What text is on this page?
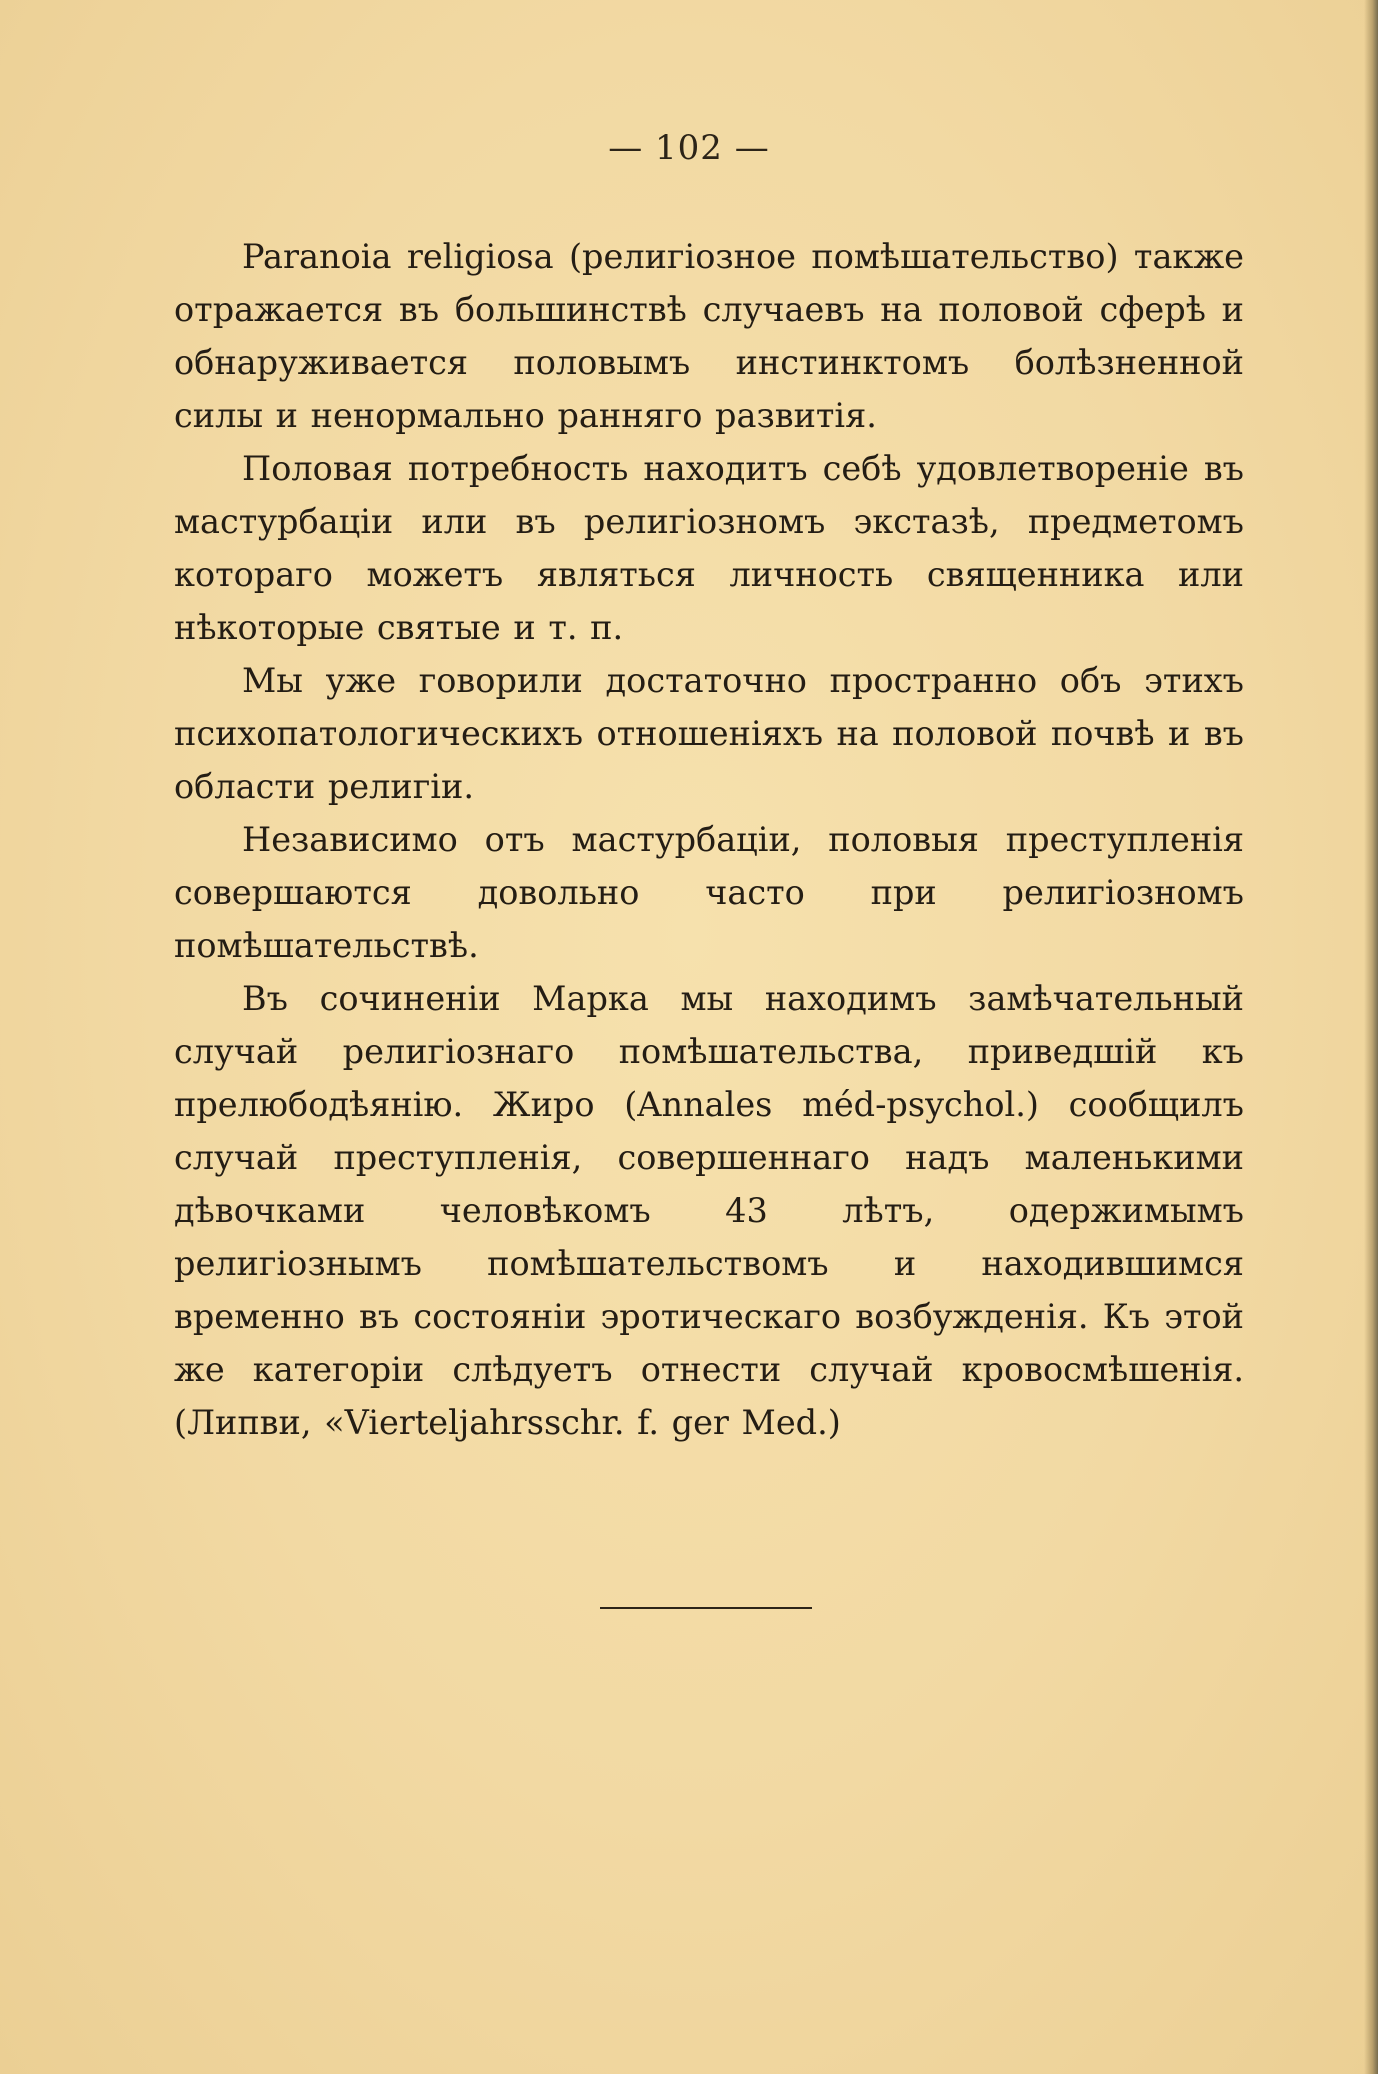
— 102 —

Paranoia religiosa (религiозное помѣшательство) также отражается въ большинствѣ случаевъ на половой сферѣ и обнаруживается половымъ инстинктомъ болѣзненной силы и ненормально ранняго развитiя.

Половая потребность находитъ себѣ удовлетворенiе въ мастурбацiи или въ религiозномъ экстазѣ, предметомъ котораго можетъ являться личность священника или нѣкоторые святые и т. п.

Мы уже говорили достаточно пространно объ этихъ психопатологическихъ отношенiяхъ на половой почвѣ и въ области религiи.

Независимо отъ мастурбацiи, половыя преступленiя совершаются довольно часто при религiозномъ помѣшательствѣ.

Въ сочиненiи Марка мы находимъ замѣчательный случай религiознаго помѣшательства, приведшiй къ прелюбодѣянiю. Жиро (Annales méd-psychol.) сообщилъ случай преступленiя, совершеннаго надъ маленькими дѣвочками человѣкомъ 43 лѣтъ, одержимымъ религiознымъ помѣшательствомъ и находившимся временно въ состоянiи эротическаго возбужденiя. Къ этой же категорiи слѣдуетъ отнести случай кровосмѣшенiя. (Липви, «Vierteljahrsschr. f. ger Med.)
